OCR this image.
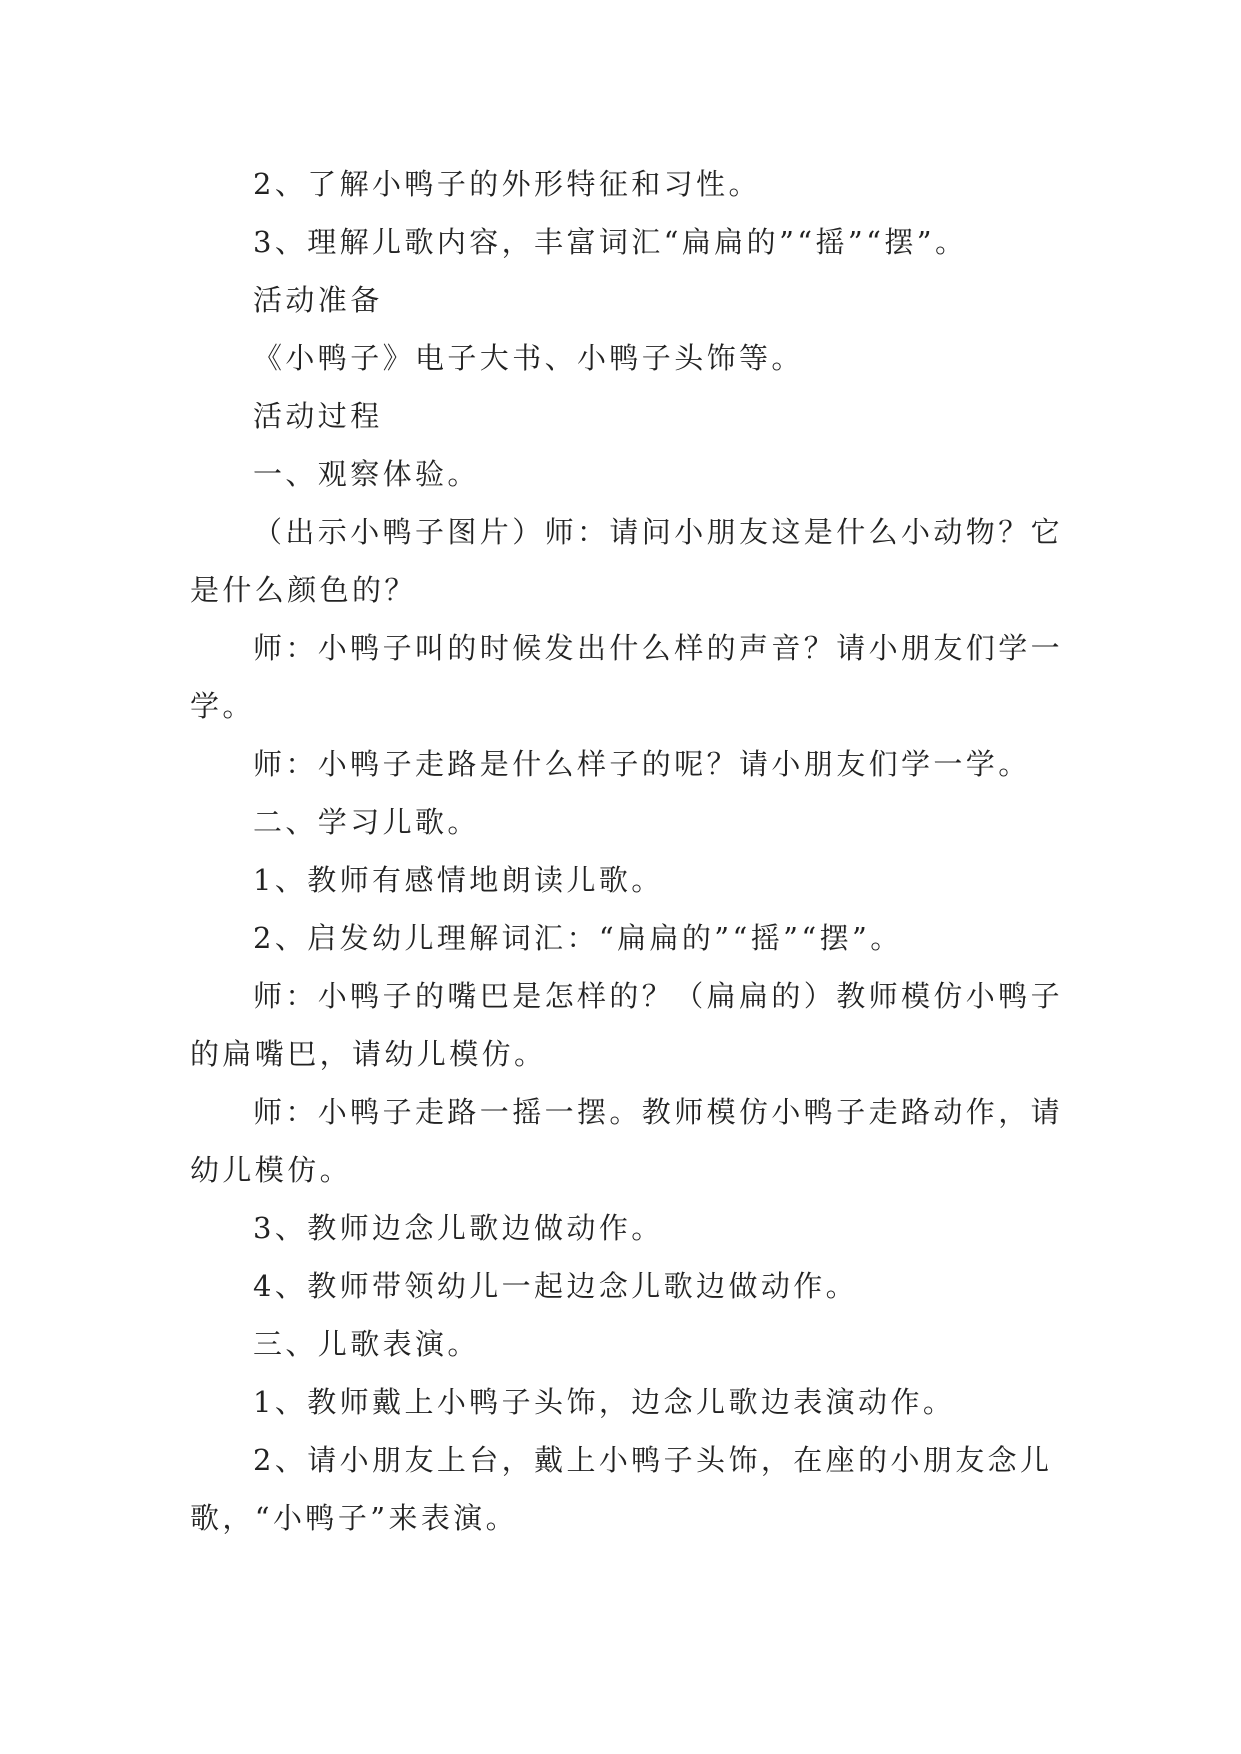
2、了解小鸭子的外形特征和习性。

3、理解儿歌内容，丰富词汇“扁扁的”“摇”“摆”。

活动准备

《小鸭子》电子大书、小鸭子头饰等。

活动过程

一、观察体验。

（出示小鸭子图片）师：请问小朋友这是什么小动物？它是什么颜色的？

师：小鸭子叫的时候发出什么样的声音？请小朋友们学一学。

师：小鸭子走路是什么样子的呢？请小朋友们学一学。

二、学习儿歌。

1、教师有感情地朗读儿歌。

2、启发幼儿理解词汇：“扁扁的”“摇”“摆”。

师：小鸭子的嘴巴是怎样的？（扁扁的）教师模仿小鸭子的扁嘴巴，请幼儿模仿。

师：小鸭子走路一摇一摆。教师模仿小鸭子走路动作，请幼儿模仿。

3、教师边念儿歌边做动作。

4、教师带领幼儿一起边念儿歌边做动作。

三、儿歌表演。

1、教师戴上小鸭子头饰，边念儿歌边表演动作。

2、请小朋友上台，戴上小鸭子头饰，在座的小朋友念儿歌，“小鸭子”来表演。
